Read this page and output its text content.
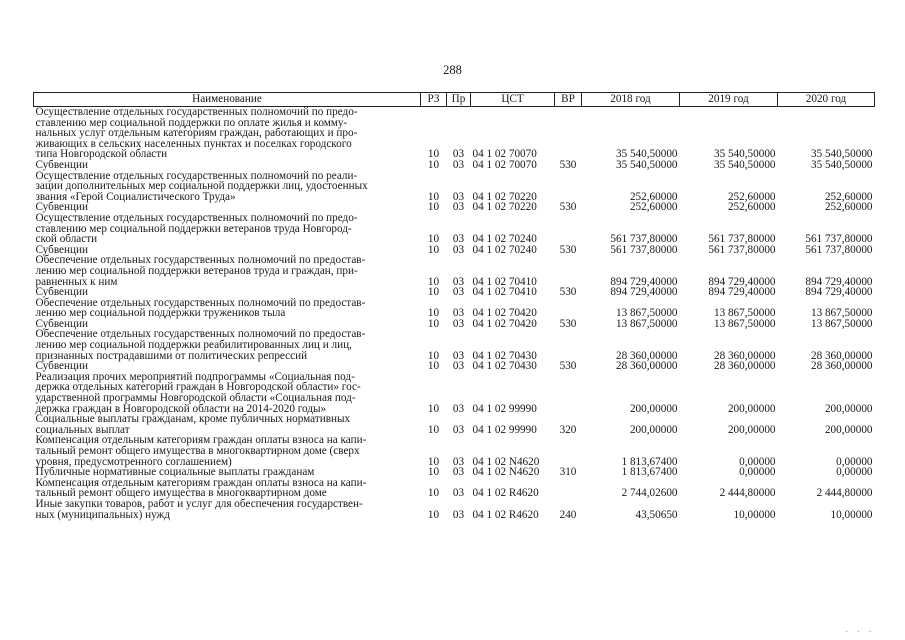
288
Наименование	РЗ	Пр	ЦСТ	ВР	2018 год	2019 год	2020 год
Осуществление отдельных государственных полномочий по предо-
ставлению мер социальной поддержки по оплате жилья и комму-
нальных услуг отдельным категориям граждан, работающих и про-
живающих в сельских населенных пунктах и поселках городского
типа Новгородской области	10	03	04 1 02 70070		35 540,50000	35 540,50000	35 540,50000
Субвенции	10	03	04 1 02 70070	530	35 540,50000	35 540,50000	35 540,50000
Осуществление отдельных государственных полномочий по реали-
зации дополнительных мер социальной поддержки лиц, удостоенных
звания «Герой Социалистического Труда»	10	03	04 1 02 70220		252,60000	252,60000	252,60000
Субвенции	10	03	04 1 02 70220	530	252,60000	252,60000	252,60000
Осуществление отдельных государственных полномочий по предо-
ставлению мер социальной поддержки ветеранов труда Новгород-
ской области	10	03	04 1 02 70240		561 737,80000	561 737,80000	561 737,80000
Субвенции	10	03	04 1 02 70240	530	561 737,80000	561 737,80000	561 737,80000
Обеспечение отдельных государственных полномочий по предостав-
лению мер социальной поддержки ветеранов труда и граждан, при-
равненных к ним	10	03	04 1 02 70410		894 729,40000	894 729,40000	894 729,40000
Субвенции	10	03	04 1 02 70410	530	894 729,40000	894 729,40000	894 729,40000
Обеспечение отдельных государственных полномочий по предостав-
лению мер социальной поддержки тружеников тыла	10	03	04 1 02 70420		13 867,50000	13 867,50000	13 867,50000
Субвенции	10	03	04 1 02 70420	530	13 867,50000	13 867,50000	13 867,50000
Обеспечение отдельных государственных полномочий по предостав-
лению мер социальной поддержки реабилитированных лиц и лиц,
признанных пострадавшими от политических репрессий	10	03	04 1 02 70430		28 360,00000	28 360,00000	28 360,00000
Субвенции	10	03	04 1 02 70430	530	28 360,00000	28 360,00000	28 360,00000
Реализация прочих мероприятий подпрограммы «Социальная под-
держка отдельных категорий граждан в Новгородской области» гос-
ударственной программы Новгородской области «Социальная под-
держка граждан в Новгородской области на 2014-2020 годы»	10	03	04 1 02 99990		200,00000	200,00000	200,00000
Социальные выплаты гражданам, кроме публичных нормативных
социальных выплат	10	03	04 1 02 99990	320	200,00000	200,00000	200,00000
Компенсация отдельным категориям граждан оплаты взноса на капи-
тальный ремонт общего имущества в многоквартирном доме (сверх
уровня, предусмотренного соглашением)	10	03	04 1 02 N4620		1 813,67400	0,00000	0,00000
Публичные нормативные социальные выплаты гражданам	10	03	04 1 02 N4620	310	1 813,67400	0,00000	0,00000
Компенсация отдельным категориям граждан оплаты взноса на капи-
тальный ремонт общего имущества в многоквартирном доме	10	03	04 1 02 R4620		2 744,02600	2 444,80000	2 444,80000
Иные закупки товаров, работ и услуг для обеспечения государствен-
ных (муниципальных) нужд	10	03	04 1 02 R4620	240	43,50650	10,00000	10,00000
· · ·
